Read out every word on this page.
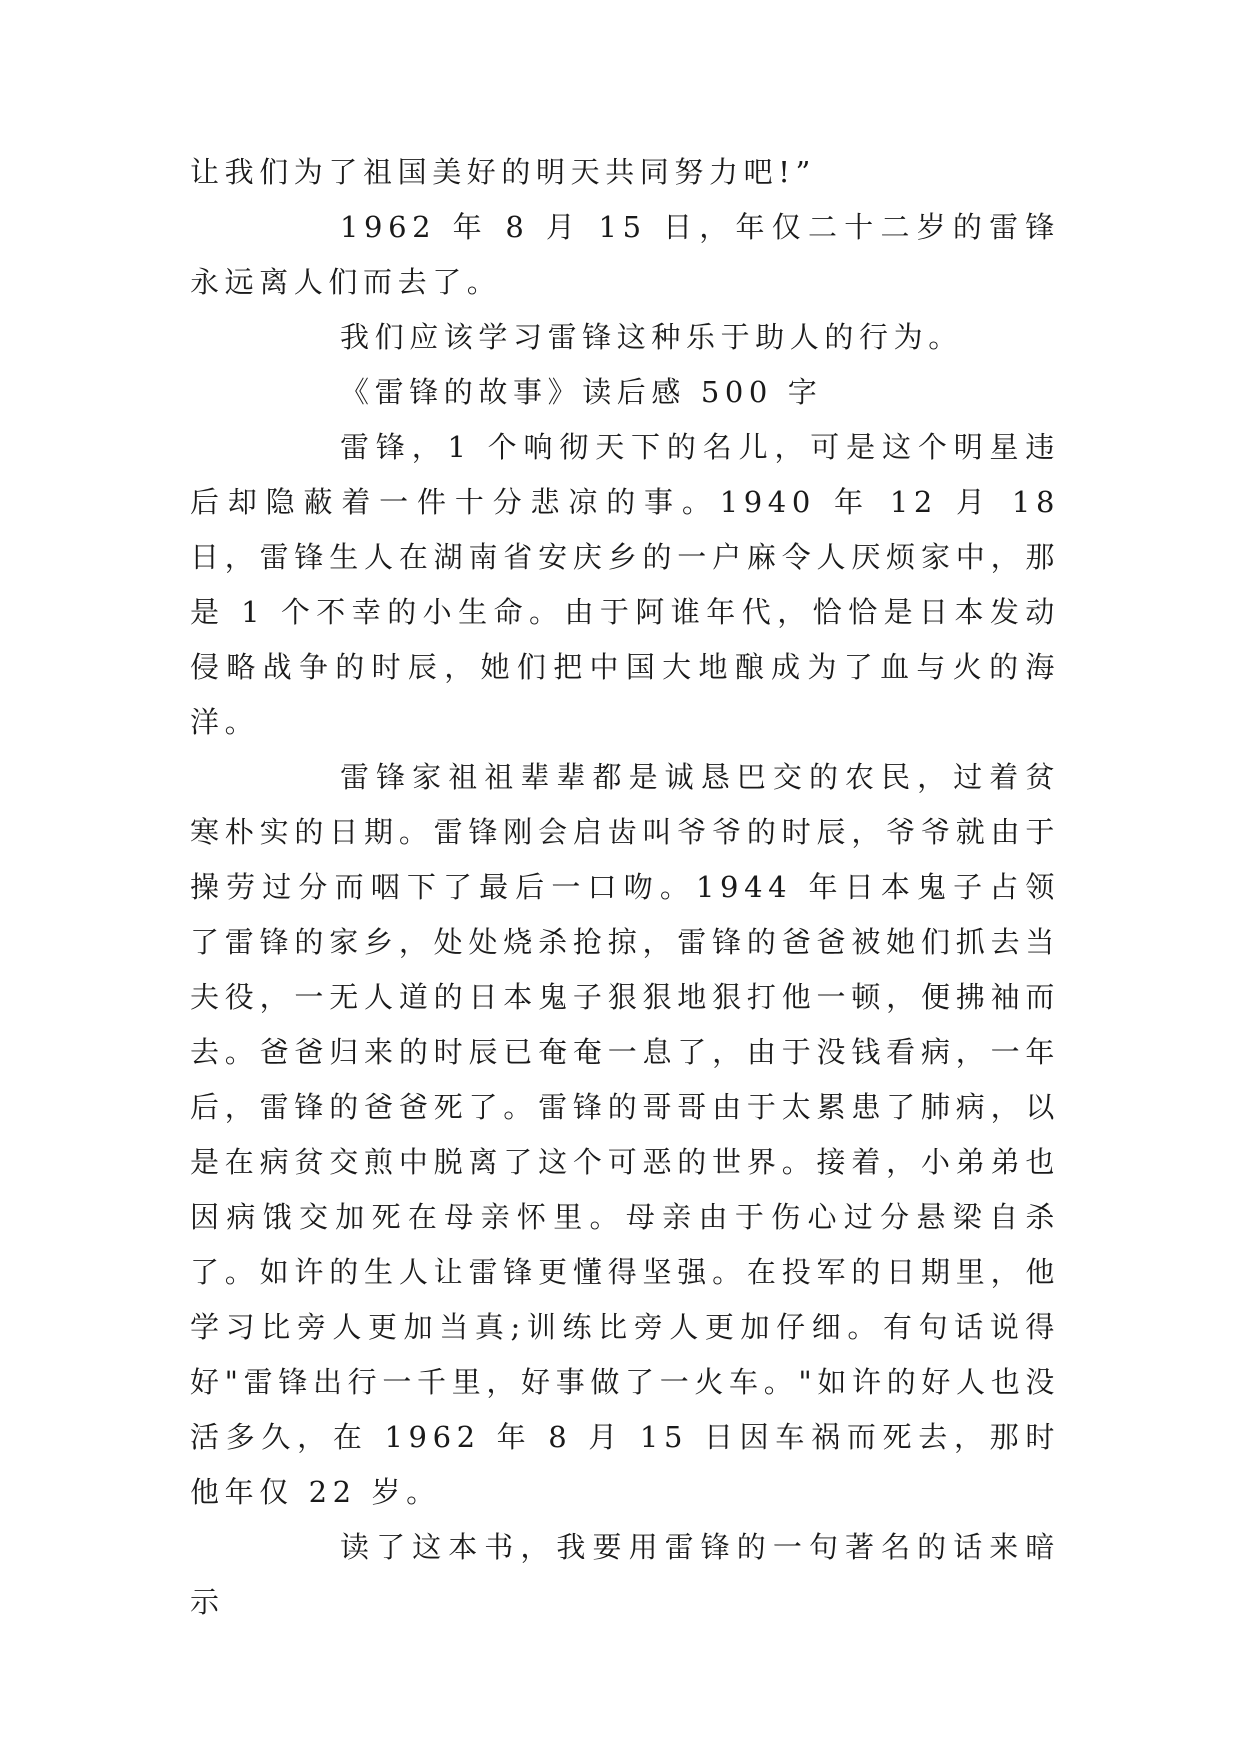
让我们为了祖国美好的明天共同努力吧!”

1962 年 8 月 15 日，年仅二十二岁的雷锋永远离人们而去了。

我们应该学习雷锋这种乐于助人的行为。

《雷锋的故事》读后感 500 字

雷锋，1 个响彻天下的名儿，可是这个明星违后却隐蔽着一件十分悲凉的事。1940 年 12 月 18 日，雷锋生人在湖南省安庆乡的一户麻令人厌烦家中，那是 1 个不幸的小生命。由于阿谁年代，恰恰是日本发动侵略战争的时辰，她们把中国大地酿成为了血与火的海洋。

雷锋家祖祖辈辈都是诚恳巴交的农民，过着贫寒朴实的日期。雷锋刚会启齿叫爷爷的时辰，爷爷就由于操劳过分而咽下了最后一口吻。1944 年日本鬼子占领了雷锋的家乡，处处烧杀抢掠，雷锋的爸爸被她们抓去当夫役，一无人道的日本鬼子狠狠地狠打他一顿，便拂袖而去。爸爸归来的时辰已奄奄一息了，由于没钱看病，一年后，雷锋的爸爸死了。雷锋的哥哥由于太累患了肺病，以是在病贫交煎中脱离了这个可恶的世界。接着，小弟弟也因病饿交加死在母亲怀里。母亲由于伤心过分悬梁自杀了。如许的生人让雷锋更懂得坚强。在投军的日期里，他学习比旁人更加当真;训练比旁人更加仔细。有句话说得好"雷锋出行一千里，好事做了一火车。"如许的好人也没活多久，在 1962 年 8 月 15 日因车祸而死去，那时他年仅 22 岁。

读了这本书，我要用雷锋的一句著名的话来暗示
